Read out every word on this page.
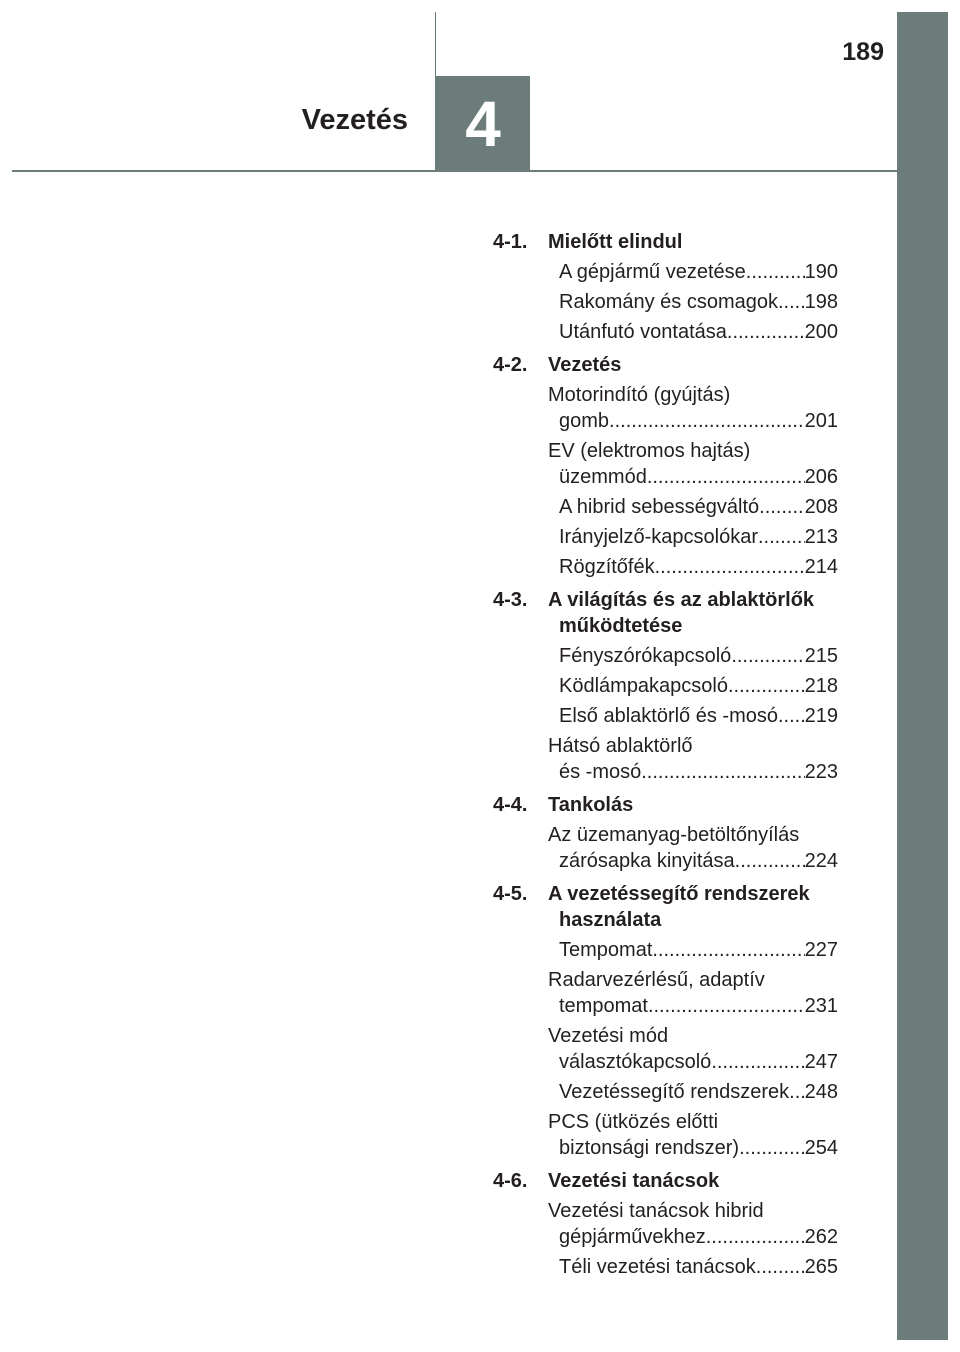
4
Vezetés
189
4-1.	Mielőtt elindul
A gépjármű vezetése .....	190
Rakomány és csomagok ..... 198
Utánfutó vontatása .....	200
4-2.	Vezetés
Motorindító (gyújtás)
gomb .....	201
EV (elektromos hajtás)
üzemmód .....	206
A hibrid sebességváltó ..... 208
Irányjelző-kapcsolókar ..... 213
Rögzítőfék .....	214
4-3.	A világítás és az ablaktörlők működtetése
Fényszórókapcsoló .....	215
Ködlámpakapcsoló .....	218
Első ablaktörlő és -mosó ..... 219
Hátsó ablaktörlő
és -mosó .....	223
4-4.	Tankolás
Az üzemanyag-betöltőnyílás
zárósapka kinyitása .....	224
4-5.	A vezetéssegítő rendszerek használata
Tempomat .....	227
Radarvezérlésű, adaptív
tempomat .....	231
Vezetési mód
választókapcsoló .....	247
Vezetéssegítő rendszerek ..... 248
PCS (ütközés előtti
biztonsági rendszer) .....	254
4-6.	Vezetési tanácsok
Vezetési tanácsok hibrid
gépjárművekhez .....	262
Téli vezetési tanácsok ..... 265
